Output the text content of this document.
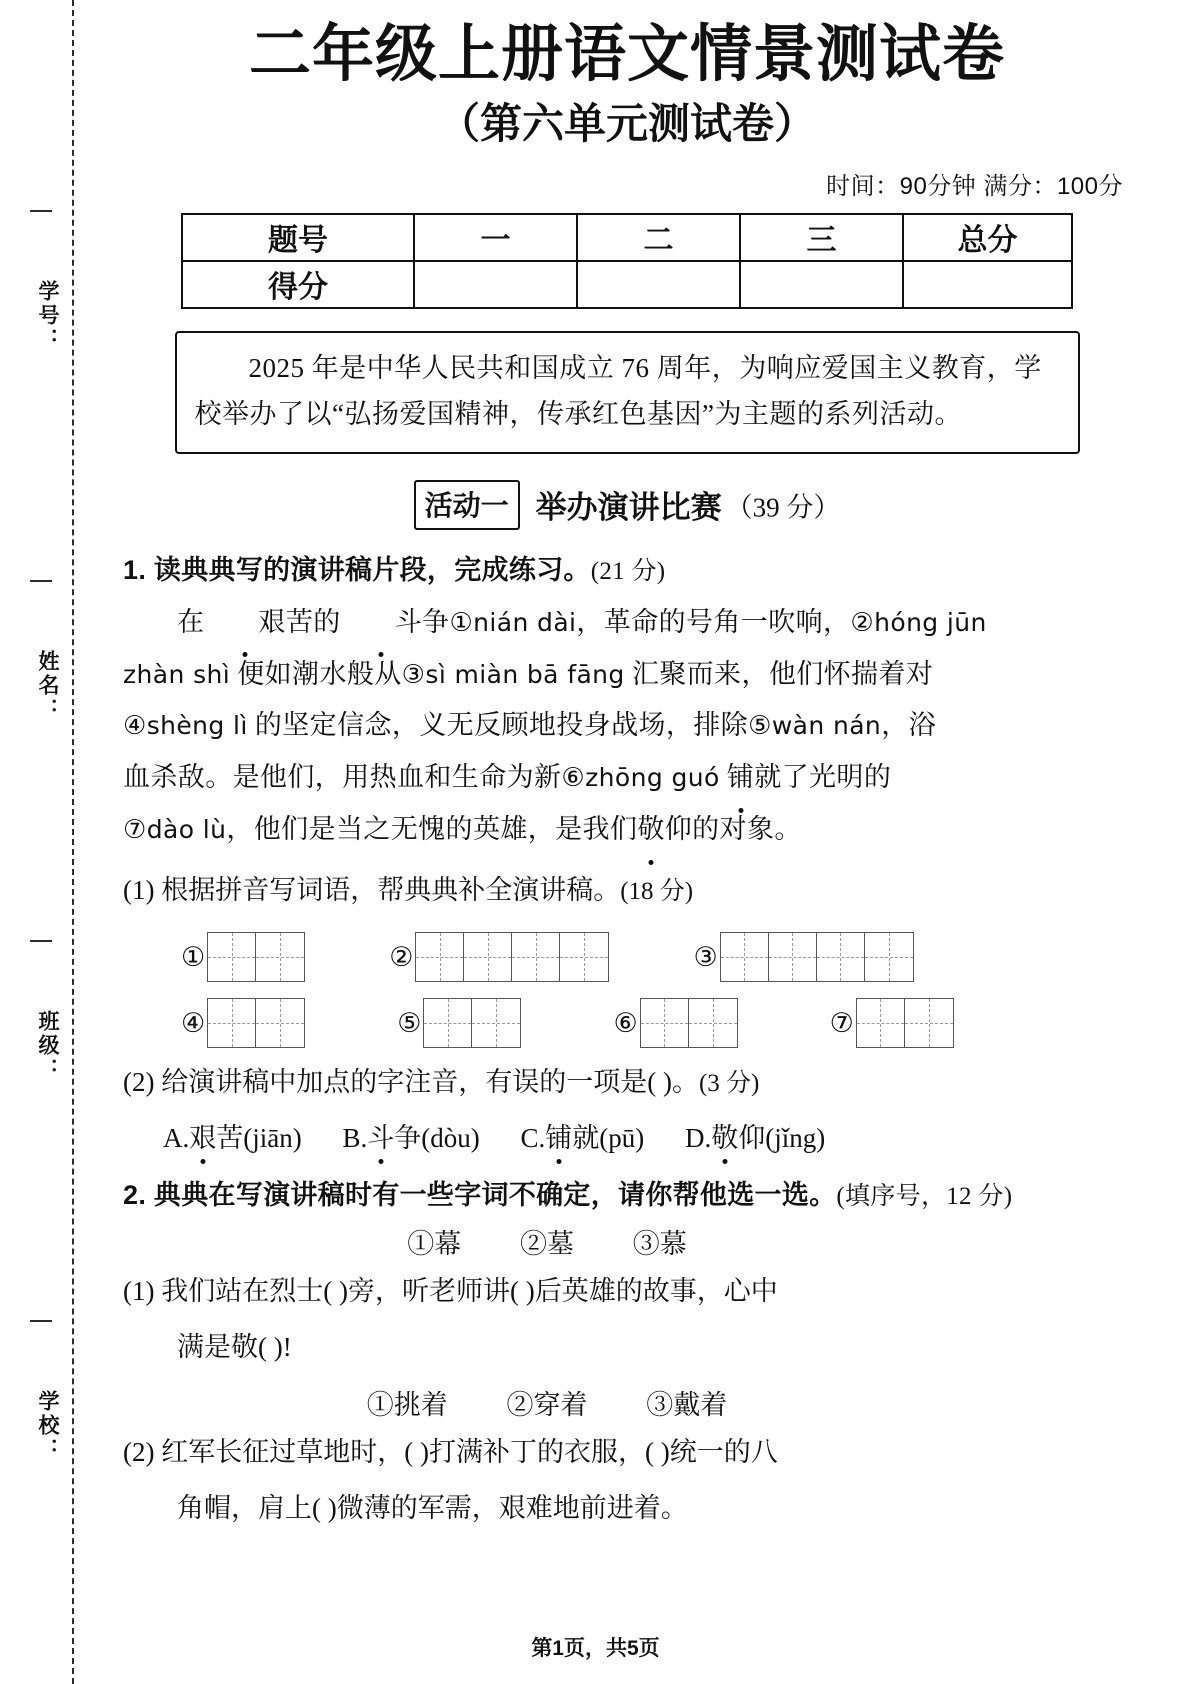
学号：
姓名：
班级：
学校：
二年级上册语文情景测试卷
（第六单元测试卷）
时间：90分钟 满分：100分
题号	一	二	三	总分
得分				

2025 年是中华人民共和国成立 76 周年，为响应爱国主义教育，学校举办了以“弘扬爱国精神，传承红色基因”为主题的系列活动。

活动一 举办演讲比赛 （39 分）
1. 读典典写的演讲稿片段，完成练习。(21 分)
在 艰苦的 斗争①nián dài，革命的号角一吹响，②hóng jūn
zhàn shì 便如潮水般从③sì miàn bā fāng 汇聚而来，他们怀揣着对
④shèng lì 的坚定信念，义无反顾地投身战场，排除⑤wàn nán，浴
血杀敌。是他们，用热血和生命为新⑥zhōng guó 铺就了光明的
⑦dào lù，他们是当之无愧的英雄，是我们敬仰的对象。
(1) 根据拼音写词语，帮典典补全演讲稿。(18 分)
①	②	③
④	⑤	⑥	⑦
(2) 给演讲稿中加点的字注音，有误的一项是( )。(3 分)
A.艰苦(jiān) B.斗争(dòu) C.铺就(pū) D.敬仰(jǐng)
2. 典典在写演讲稿时有一些字词不确定，请你帮他选一选。(填序号，12 分)
①幕 ②墓 ③慕
(1) 我们站在烈士( )旁，听老师讲( )后英雄的故事，心中
满是敬( )!
①挑着 ②穿着 ③戴着
(2) 红军长征过草地时，( )打满补丁的衣服，( )统一的八
角帽，肩上( )微薄的军需，艰难地前进着。
第1页，共5页
